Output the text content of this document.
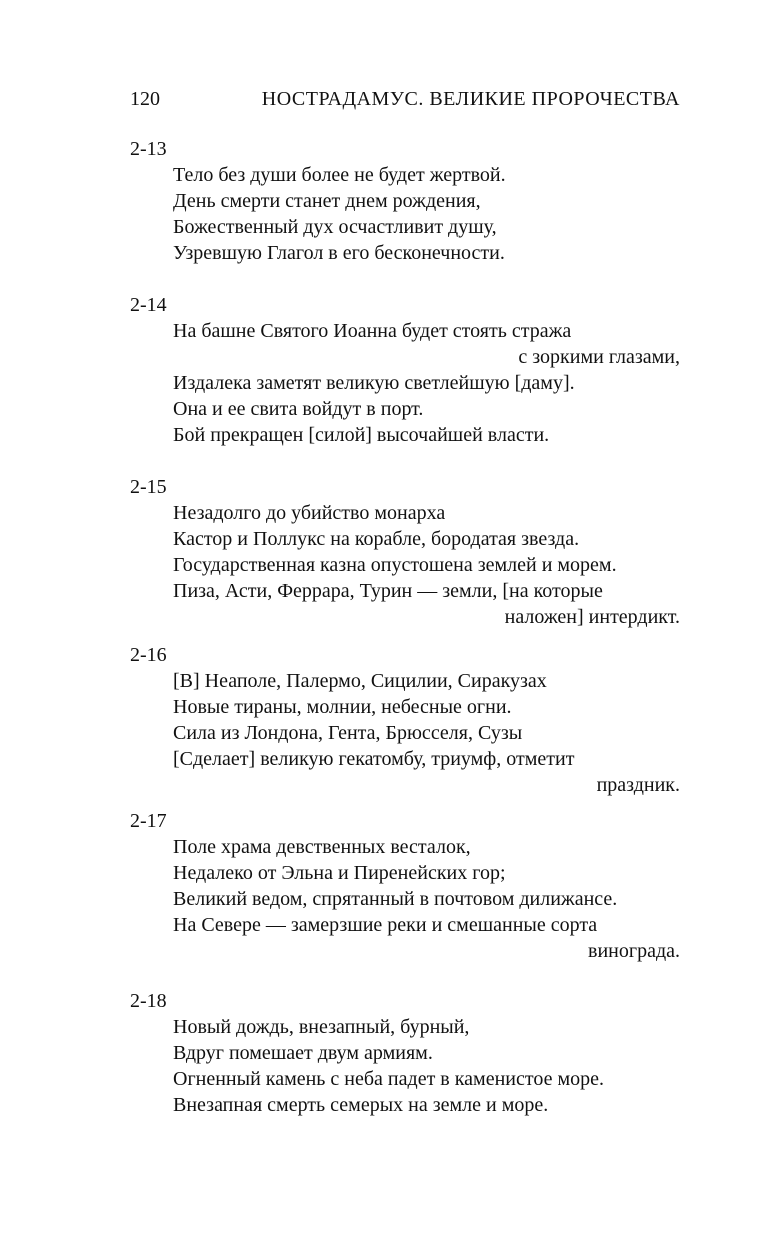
120	НОСТРАДАМУС. ВЕЛИКИЕ ПРОРОЧЕСТВА
2-13
Тело без души более не будет жертвой.
День смерти станет днем рождения,
Божественный дух осчастливит душу,
Узревшую Глагол в его бесконечности.
2-14
На башне Святого Иоанна будет стоять стража
с зоркими глазами,
Издалека заметят великую светлейшую [даму].
Она и ее свита войдут в порт.
Бой прекращен [силой] высочайшей власти.
2-15
Незадолго до убийство монарха
Кастор и Поллукс на корабле, бородатая звезда.
Государственная казна опустошена землей и морем.
Пиза, Асти, Феррара, Турин — земли, [на которые
наложен] интердикт.
2-16
[В] Неаполе, Палермо, Сицилии, Сиракузах
Новые тираны, молнии, небесные огни.
Сила из Лондона, Гента, Брюсселя, Сузы
[Сделает] великую гекатомбу, триумф, отметит
праздник.
2-17
Поле храма девственных весталок,
Недалеко от Эльна и Пиренейских гор;
Великий ведом, спрятанный в почтовом дилижансе.
На Севере — замерзшие реки и смешанные сорта
винограда.
2-18
Новый дождь, внезапный, бурный,
Вдруг помешает двум армиям.
Огненный камень с неба падет в каменистое море.
Внезапная смерть семерых на земле и море.
